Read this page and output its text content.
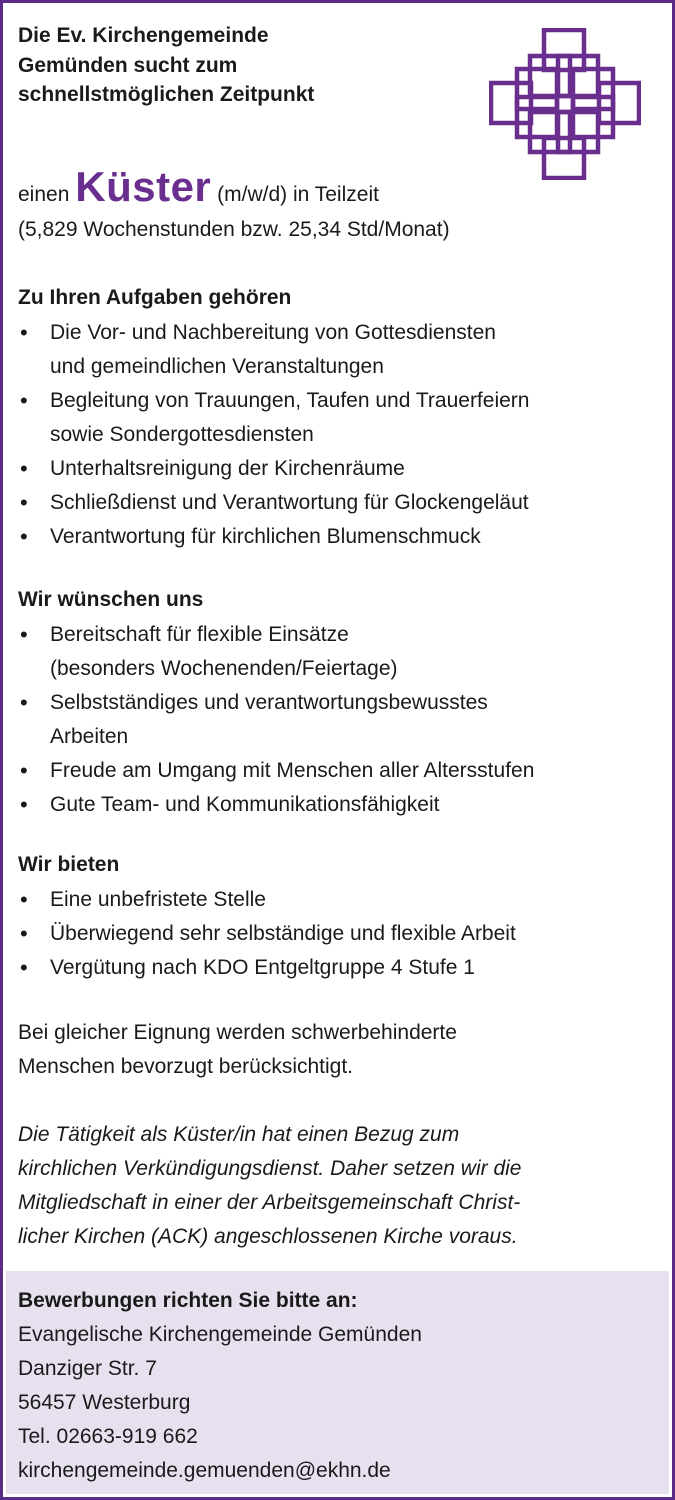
Die Ev. Kirchengemeinde
Gemünden sucht zum
schnellstmöglichen Zeitpunkt
einen Küster (m/w/d) in Teilzeit
(5,829 Wochenstunden bzw. 25,34 Std/Monat)
Zu Ihren Aufgaben gehören
• Die Vor- und Nachbereitung von Gottesdiensten
und gemeindlichen Veranstaltungen
• Begleitung von Trauungen, Taufen und Trauerfeiern
sowie Sondergottesdiensten
• Unterhaltsreinigung der Kirchenräume
• Schließdienst und Verantwortung für Glockengeläut
• Verantwortung für kirchlichen Blumenschmuck
Wir wünschen uns
• Bereitschaft für flexible Einsätze
(besonders Wochenenden/Feiertage)
• Selbstständiges und verantwortungsbewusstes
Arbeiten
• Freude am Umgang mit Menschen aller Altersstufen
• Gute Team- und Kommunikationsfähigkeit
Wir bieten
• Eine unbefristete Stelle
• Überwiegend sehr selbständige und flexible Arbeit
• Vergütung nach KDO Entgeltgruppe 4 Stufe 1
Bei gleicher Eignung werden schwerbehinderte
Menschen bevorzugt berücksichtigt.
Die Tätigkeit als Küster/in hat einen Bezug zum
kirchlichen Verkündigungsdienst. Daher setzen wir die
Mitgliedschaft in einer der Arbeitsgemeinschaft Christ-
licher Kirchen (ACK) angeschlossenen Kirche voraus.
Bewerbungen richten Sie bitte an:
Evangelische Kirchengemeinde Gemünden
Danziger Str. 7
56457 Westerburg
Tel. 02663-919 662
kirchengemeinde.gemuenden@ekhn.de
